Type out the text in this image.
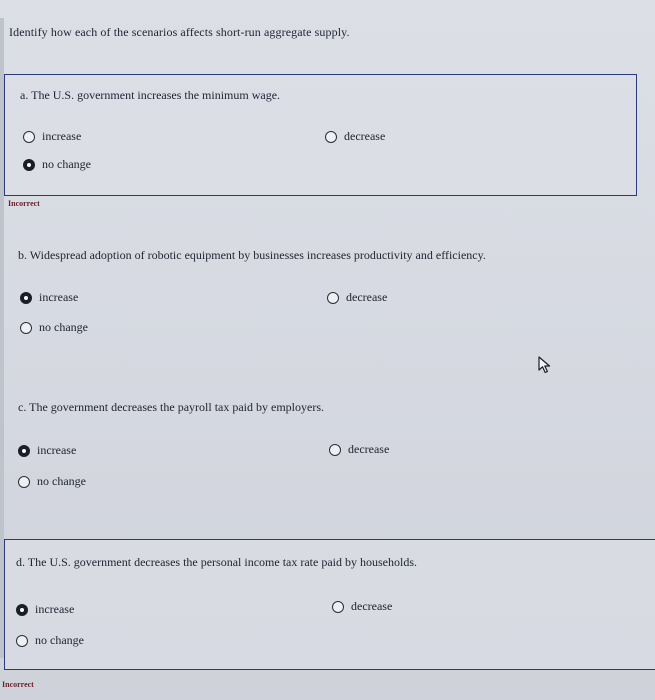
Identify how each of the scenarios affects short-run aggregate supply.
a. The U.S. government increases the minimum wage.
increase	decrease
no change
Incorrect
b. Widespread adoption of robotic equipment by businesses increases productivity and efficiency.
increase	decrease
no change
c. The government decreases the payroll tax paid by employers.
increase	decrease
no change
d. The U.S. government decreases the personal income tax rate paid by households.
increase	decrease
no change
Incorrect
